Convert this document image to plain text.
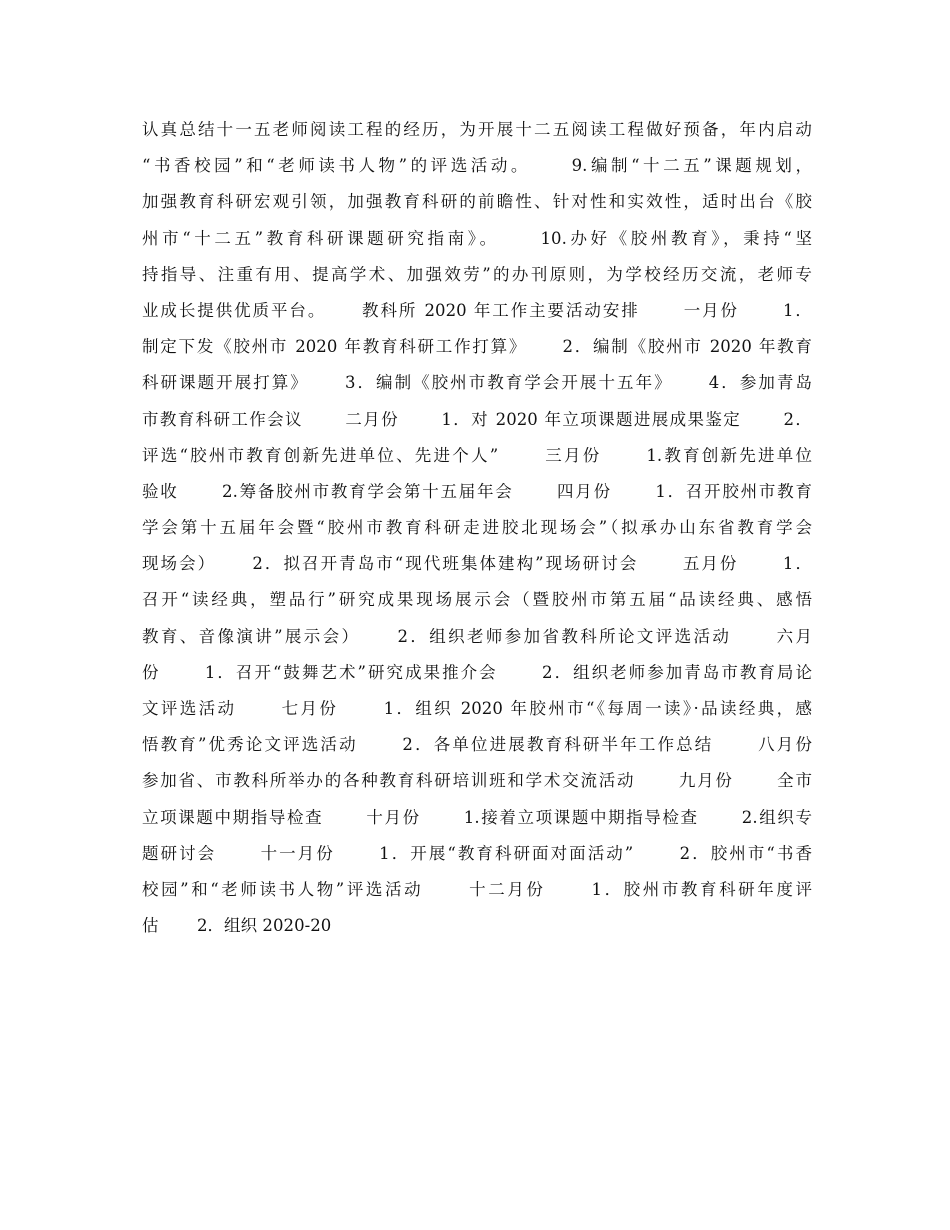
认真总结十一五老师阅读工程的经历，为开展十二五阅读工程做好预备，年内启动
“书香校园”和“老师读书人物”的评选活动。　　 9.编制“十二五”课题规划，
加强教育科研宏观引领，加强教育科研的前瞻性、针对性和实效性，适时出台《胶
州市“十二五”教育科研课题研究指南》。　　 10.办好《胶州教育》，秉持“坚
持指导、注重有用、提高学术、加强效劳”的办刊原则，为学校经历交流，老师专
业成长提供优质平台。　　 教科所 2020 年工作主要活动安排　　 一月份　　 1．
制定下发《胶州市 2020 年教育科研工作打算》　　 2．编制《胶州市 2020 年教育
科研课题开展打算》　　 3．编制《胶州市教育学会开展十五年》　　 4．参加青岛
市教育科研工作会议　　 二月份　　 1．对 2020 年立项课题进展成果鉴定　　 2．
评选“胶州市教育创新先进单位、先进个人”　　 三月份　　 1.教育创新先进单位
验收　　 2.筹备胶州市教育学会第十五届年会　　 四月份　　 1．召开胶州市教育
学会第十五届年会暨“胶州市教育科研走进胶北现场会”（拟承办山东省教育学会
现场会）　　 2．拟召开青岛市“现代班集体建构”现场研讨会　　 五月份　　 1．
召开“读经典，塑品行”研究成果现场展示会（暨胶州市第五届“品读经典、感悟
教育、音像演讲”展示会）　　 2．组织老师参加省教科所论文评选活动　　 六月
份　　 1．召开“鼓舞艺术”研究成果推介会　　 2．组织老师参加青岛市教育局论
文评选活动　　 七月份　　 1．组织 2020 年胶州市“《每周一读》·品读经典，感
悟教育”优秀论文评选活动　　 2．各单位进展教育科研半年工作总结　　 八月份
参加省、市教科所举办的各种教育科研培训班和学术交流活动　　 九月份　　 全市
立项课题中期指导检查　　 十月份　　 1.接着立项课题中期指导检查　　 2.组织专
题研讨会　　 十一月份　　 1．开展“教育科研面对面活动”　　 2．胶州市“书香
校园”和“老师读书人物”评选活动　　 十二月份　　 1．胶州市教育科研年度评
估　　 2．组织 2020-20
